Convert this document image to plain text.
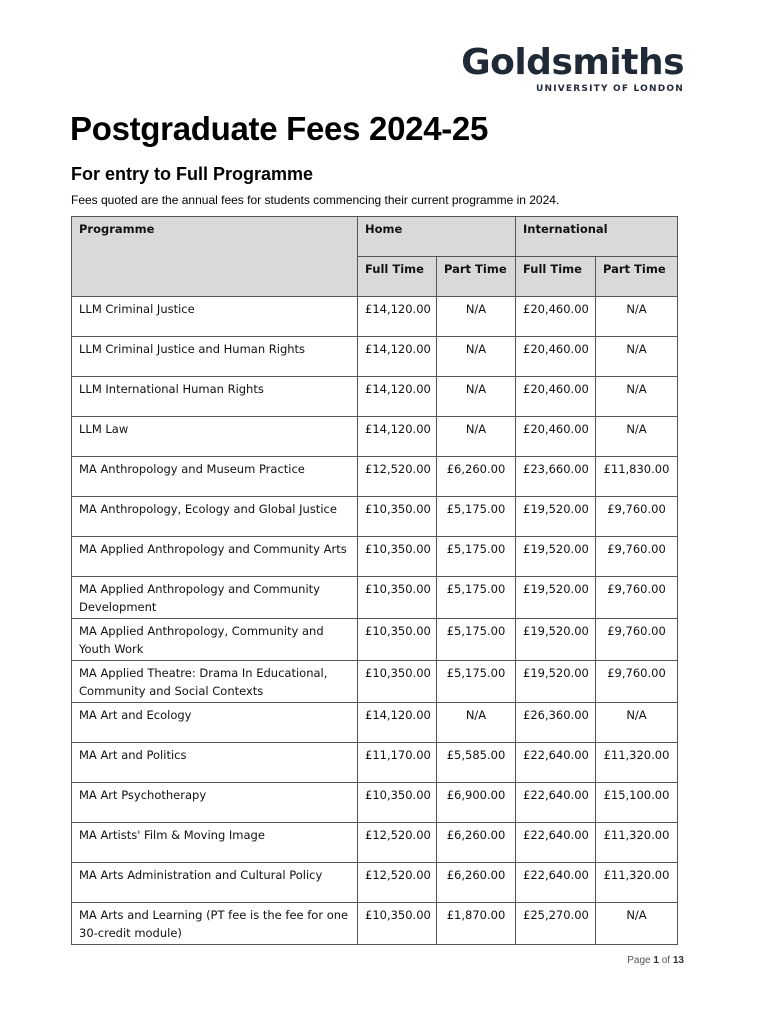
Goldsmiths
UNIVERSITY OF LONDON
Postgraduate Fees 2024-25
For entry to Full Programme

Fees quoted are the annual fees for students commencing their current programme in 2024.

Programme	Home		International	
	Full Time	Part Time	Full Time	Part Time
LLM Criminal Justice	£14,120.00	N/A	£20,460.00	N/A
LLM Criminal Justice and Human Rights	£14,120.00	N/A	£20,460.00	N/A
LLM International Human Rights	£14,120.00	N/A	£20,460.00	N/A
LLM Law	£14,120.00	N/A	£20,460.00	N/A
MA Anthropology and Museum Practice	£12,520.00	£6,260.00	£23,660.00	£11,830.00
MA Anthropology, Ecology and Global Justice	£10,350.00	£5,175.00	£19,520.00	£9,760.00
MA Applied Anthropology and Community Arts	£10,350.00	£5,175.00	£19,520.00	£9,760.00
MA Applied Anthropology and Community Development	£10,350.00	£5,175.00	£19,520.00	£9,760.00
MA Applied Anthropology, Community and Youth Work	£10,350.00	£5,175.00	£19,520.00	£9,760.00
MA Applied Theatre: Drama In Educational, Community and Social Contexts	£10,350.00	£5,175.00	£19,520.00	£9,760.00
MA Art and Ecology	£14,120.00	N/A	£26,360.00	N/A
MA Art and Politics	£11,170.00	£5,585.00	£22,640.00	£11,320.00
MA Art Psychotherapy	£10,350.00	£6,900.00	£22,640.00	£15,100.00
MA Artists' Film & Moving Image	£12,520.00	£6,260.00	£22,640.00	£11,320.00
MA Arts Administration and Cultural Policy	£12,520.00	£6,260.00	£22,640.00	£11,320.00
MA Arts and Learning (PT fee is the fee for one 30-credit module)	£10,350.00	£1,870.00	£25,270.00	N/A
Page 1 of 13
